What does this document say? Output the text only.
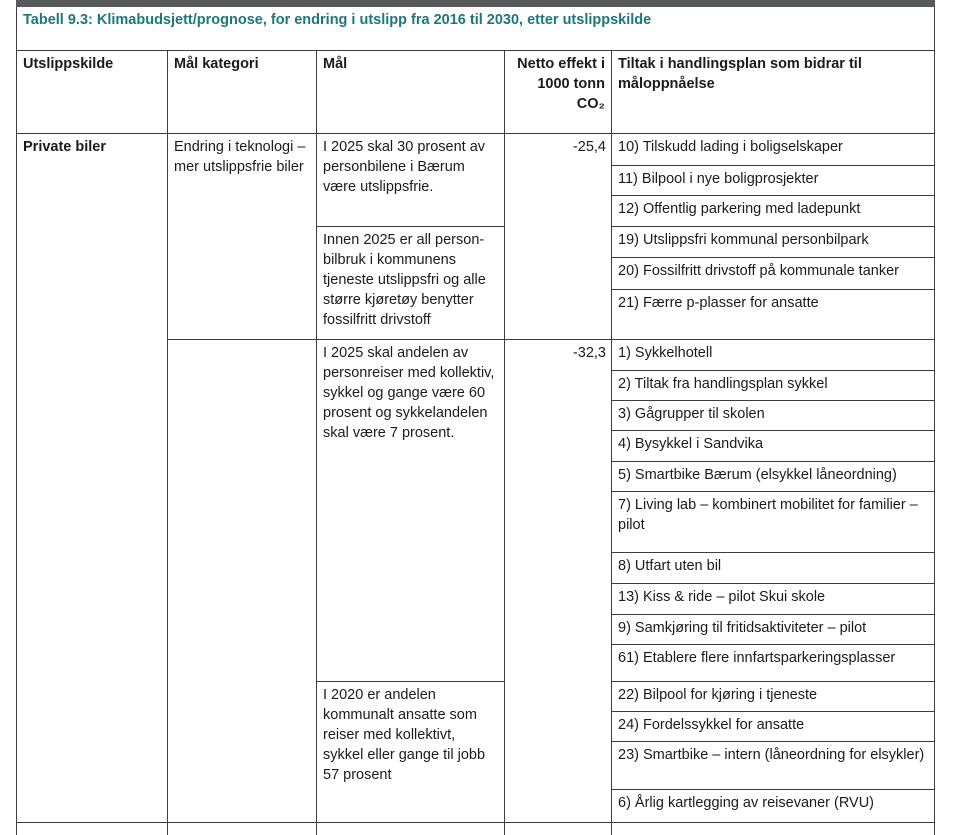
Tabell 9.3: Klimabudsjett/prognose, for endring i utslipp fra 2016 til 2030, etter utslippskilde				
Utslippskilde	Mål kategori	Mål	Netto effekt i 1000 tonn CO₂	Tiltak i handlingsplan som bidrar til måloppnåelse
Private biler	Endring i teknologi – mer utslippsfrie biler	I 2025 skal 30 prosent av personbilene i Bærum være utslippsfrie.	-25,4	10) Tilskudd lading i boligselskaper
				11) Bilpool i nye boligprosjekter
				12) Offentlig parkering med ladepunkt
		Innen 2025 er all person-bilbruk i kommunens tjeneste utslippsfri og alle større kjøretøy benytter fossilfritt drivstoff		19) Utslippsfri kommunal personbilpark
				20) Fossilfritt drivstoff på kommunale tanker
				21) Færre p-plasser for ansatte
		I 2025 skal andelen av personreiser med kollektiv, sykkel og gange være 60 prosent og sykkelandelen skal være 7 prosent.	-32,3	1) Sykkelhotell
				2) Tiltak fra handlingsplan sykkel
				3) Gågrupper til skolen
				4) Bysykkel i Sandvika
				5) Smartbike Bærum (elsykkel låneordning)
				7) Living lab – kombinert mobilitet for familier – pilot
				8) Utfart uten bil
				13) Kiss & ride – pilot Skui skole
				9) Samkjøring til fritidsaktiviteter – pilot
				61) Etablere flere innfartsparkeringsplasser
		I 2020 er andelen kommunalt ansatte som reiser med kollektivt, sykkel eller gange til jobb 57 prosent		22) Bilpool for kjøring i tjeneste
				24) Fordelssykkel for ansatte
				23) Smartbike – intern (låneordning for elsykler)
				6) Årlig kartlegging av reisevaner (RVU)
